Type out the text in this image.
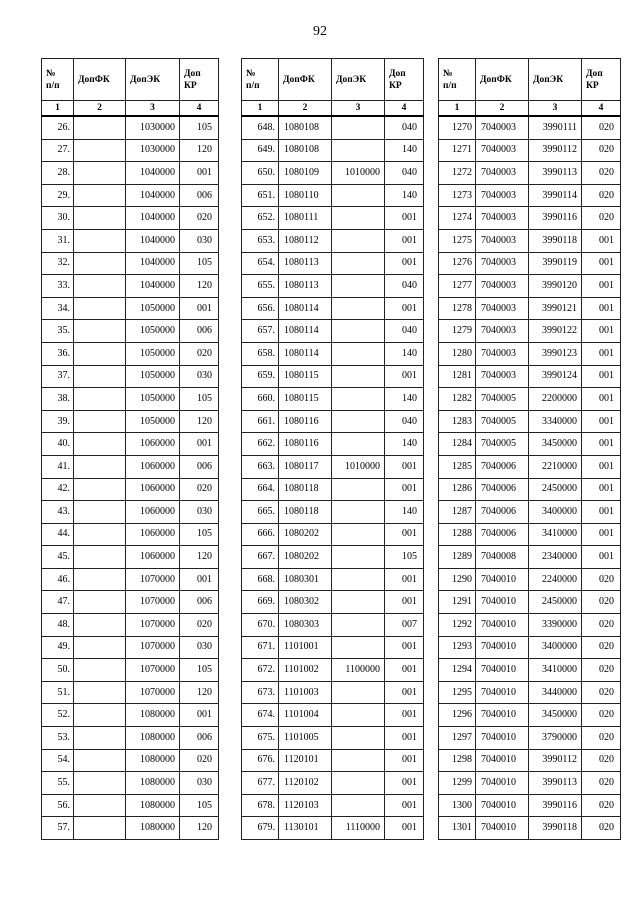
92
№
п/п	ДопФК	ДопЭК	Доп
КР
1	2	3	4
26.		1030000	105
27.		1030000	120
28.		1040000	001
29.		1040000	006
30.		1040000	020
31.		1040000	030
32.		1040000	105
33.		1040000	120
34.		1050000	001
35.		1050000	006
36.		1050000	020
37.		1050000	030
38.		1050000	105
39.		1050000	120
40.		1060000	001
41.		1060000	006
42.		1060000	020
43.		1060000	030
44.		1060000	105
45.		1060000	120
46.		1070000	001
47.		1070000	006
48.		1070000	020
49.		1070000	030
50.		1070000	105
51.		1070000	120
52.		1080000	001
53.		1080000	006
54.		1080000	020
55.		1080000	030
56.		1080000	105
57.		1080000	120
№
п/п	ДопФК	ДопЭК	Доп
КР
1	2	3	4
648.	1080108		040
649.	1080108		140
650.	1080109	1010000	040
651.	1080110		140
652.	1080111		001
653.	1080112		001
654.	1080113		001
655.	1080113		040
656.	1080114		001
657.	1080114		040
658.	1080114		140
659.	1080115		001
660.	1080115		140
661.	1080116		040
662.	1080116		140
663.	1080117	1010000	001
664.	1080118		001
665.	1080118		140
666.	1080202		001
667.	1080202		105
668.	1080301		001
669.	1080302		001
670.	1080303		007
671.	1101001		001
672.	1101002	1100000	001
673.	1101003		001
674.	1101004		001
675.	1101005		001
676.	1120101		001
677.	1120102		001
678.	1120103		001
679.	1130101	1110000	001
№
п/п	ДопФК	ДопЭК	Доп
КР
1	2	3	4
1270	7040003	3990111	020
1271	7040003	3990112	020
1272	7040003	3990113	020
1273	7040003	3990114	020
1274	7040003	3990116	020
1275	7040003	3990118	001
1276	7040003	3990119	001
1277	7040003	3990120	001
1278	7040003	3990121	001
1279	7040003	3990122	001
1280	7040003	3990123	001
1281	7040003	3990124	001
1282	7040005	2200000	001
1283	7040005	3340000	001
1284	7040005	3450000	001
1285	7040006	2210000	001
1286	7040006	2450000	001
1287	7040006	3400000	001
1288	7040006	3410000	001
1289	7040008	2340000	001
1290	7040010	2240000	020
1291	7040010	2450000	020
1292	7040010	3390000	020
1293	7040010	3400000	020
1294	7040010	3410000	020
1295	7040010	3440000	020
1296	7040010	3450000	020
1297	7040010	3790000	020
1298	7040010	3990112	020
1299	7040010	3990113	020
1300	7040010	3990116	020
1301	7040010	3990118	020
